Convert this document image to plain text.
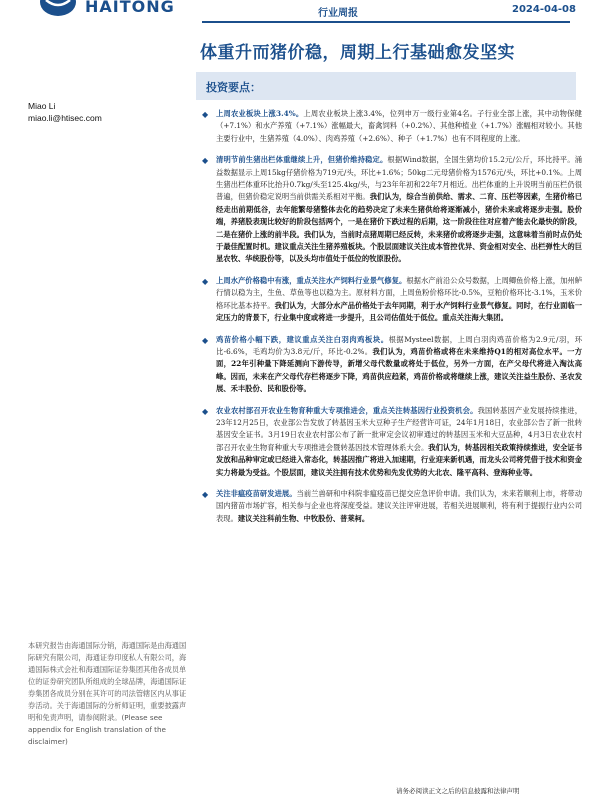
HAITONG	行业周报	2024-04-08
体重升而猪价稳，周期上行基础愈发坚实
投资要点：
Miao Li
miao.li@htisec.com	◆ 上周农业板块上涨3.4%。上周农业板块上涨3.4%，位列申万一级行业第4名。子行业全部上涨，其中动物保健（+7.1%）和水产养殖（+7.1%）涨幅最大，畜禽饲料（+0.2%）、其他种植业（+1.7%）涨幅相对较小。其他主要行业中，生猪养殖（4.0%）、肉鸡养殖（+2.6%）、种子（+1.7%）也有不同程度的上涨。
◆ 清明节前生猪出栏体重继续上升，但猪价维持稳定。根据Wind数据，全国生猪均价15.2元/公斤，环比持平。涌益数据显示上周15kg仔猪价格为719元/头，环比+1.6%；50kg二元母猪价格为1576元/头，环比+0.1%。上周生猪出栏体重环比抬升0.7kg/头至125.4kg/头，与23年年初和22年7月相近。出栏体重的上升说明当前压栏仍很普遍，但猪价稳定说明当前供需关系相对平衡。我们认为，综合当前供给、需求、二育、压栏等因素，生猪价格已经走出前期低谷，去年能繁母猪整体去化的趋势决定了未来生猪供给将逐渐减小，猪价未来或将逐步走强。股价端，养猪股表现比较好的阶段包括两个，一是在猪价下跌过程的后期，这一阶段往往对应着产能去化最快的阶段，二是在猪价上涨的前半段。我们认为，当前时点猪周期已经反转，未来猪价或将逐步走强，这意味着当前时点仍处于最佳配置时机。建议重点关注生猪养殖板块。个股层面建议关注成本管控优异、资金相对安全、出栏弹性大的巨星农牧、华统股份等，以及头均市值处于低位的牧原股份。
◆ 上周水产价格稳中有涨，重点关注水产饲料行业景气修复。根据水产前沿公众号数据，上周鲫鱼价格上涨，加州鲈行情以稳为主，生鱼、草鱼等也以稳为主。原材料方面，上周鱼粉价格环比-0.5%，豆粕价格环比-3.1%，玉米价格环比基本持平。我们认为，大部分水产品价格处于去年同期，利于水产饲料行业景气修复。同时，在行业面临一定压力的背景下，行业集中度或将进一步提升，且公司估值处于低位。重点关注海大集团。
◆ 鸡苗价格小幅下跌，建议重点关注白羽肉鸡板块。根据Mysteel数据，上周白羽肉鸡苗价格为2.9元/羽，环比-6.6%，毛鸡均价为3.8元/斤，环比-0.2%。我们认为，鸡苗价格或将在未来维持Q1的相对高位水平。一方面，22年引种量下降延测向下游传导，新增父母代数量或将处于低位，另外一方面，在产父母代将进入淘汰高峰。因而，未来在产父母代存栏将逐步下降，鸡苗供应趋紧，鸡苗价格或将继续上涨，建议关注益生股份、圣农发展、禾丰股份、民和股份等。
◆ 农业农村部召开农业生物育种重大专项推进会，重点关注转基因行业投资机会。我国转基因产业发展持续推进，23年12月25日，农业部公告发放了转基因玉米大豆种子生产经营许可证，24年1月18日，农业部公告了新一批转基因安全证书。3月19日农业农村部公布了新一批审定会议初审通过的转基因玉米和大豆品种，4月3日农业农村部召开农业生物育种重大专项推进会暨转基因技术管理体系大会。我们认为，转基因相关政策持续推进，安全证书发放和品种审定或已经进入常态化，转基因推广将进入加速期，行业迎来新机遇，而龙头公司将凭借于技术和资金实力将最为受益。个股层面，建议关注拥有技术优势和先发优势的大北农、隆平高科、登海种业等。
◆ 关注非瘟疫苗研发进展。当前兰兽研和中科院非瘟疫苗已提交应急评价申请。我们认为，未来若顺利上市，将带动国内猪苗市场扩容，相关参与企业也将深度受益。建议关注评审进展，若相关进展顺利，将有利于提振行业内公司表现。建议关注科前生物、中牧股份、普莱柯。
本研究报告由海通国际分销，海通国际是由海通国际研究有限公司，海通证券印度私人有限公司，海通国际株式会社和海通国际证券集团其他各成员单位的证券研究团队所组成的全球品牌，海通国际证券集团各成员分别在其许可的司法管辖区内从事证券活动。关于海通国际的分析师证明，重要披露声明和免责声明，请参阅附录。(Please see appendix for English translation of the disclaimer)
请务必阅读正文之后的信息披露和法律声明
